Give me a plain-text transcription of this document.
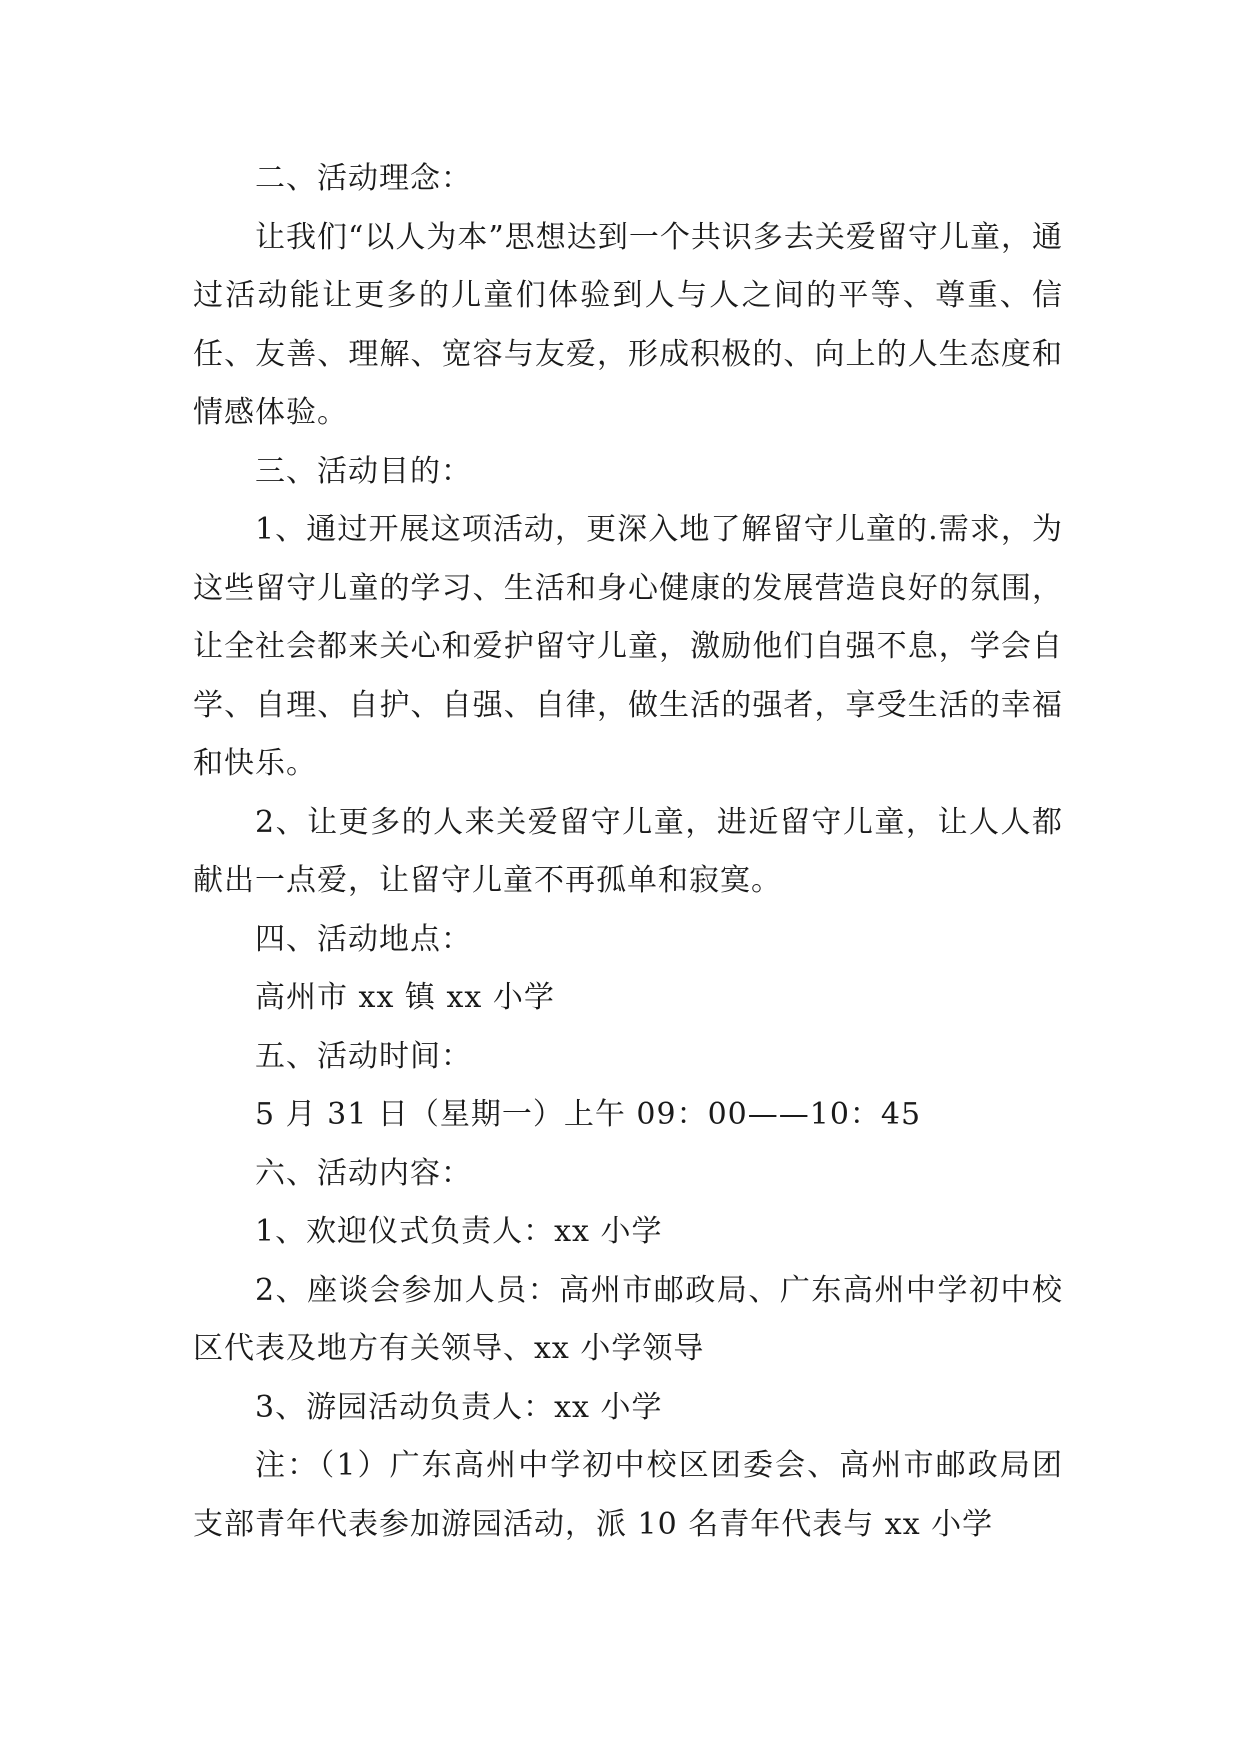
二、活动理念：

让我们“以人为本”思想达到一个共识多去关爱留守儿童，通过活动能让更多的儿童们体验到人与人之间的平等、尊重、信任、友善、理解、宽容与友爱，形成积极的、向上的人生态度和情感体验。

三、活动目的：

1、通过开展这项活动，更深入地了解留守儿童的.需求，为这些留守儿童的学习、生活和身心健康的发展营造良好的氛围，让全社会都来关心和爱护留守儿童，激励他们自强不息，学会自学、自理、自护、自强、自律，做生活的强者，享受生活的幸福和快乐。

2、让更多的人来关爱留守儿童，进近留守儿童，让人人都献出一点爱，让留守儿童不再孤单和寂寞。

四、活动地点：

高州市 xx 镇 xx 小学

五、活动时间：

5 月 31 日（星期一）上午 09：00——10：45

六、活动内容：

1、欢迎仪式负责人：xx 小学

2、座谈会参加人员：高州市邮政局、广东高州中学初中校区代表及地方有关领导、xx 小学领导

3、游园活动负责人：xx 小学

注：（1）广东高州中学初中校区团委会、高州市邮政局团支部青年代表参加游园活动，派 10 名青年代表与 xx 小学
